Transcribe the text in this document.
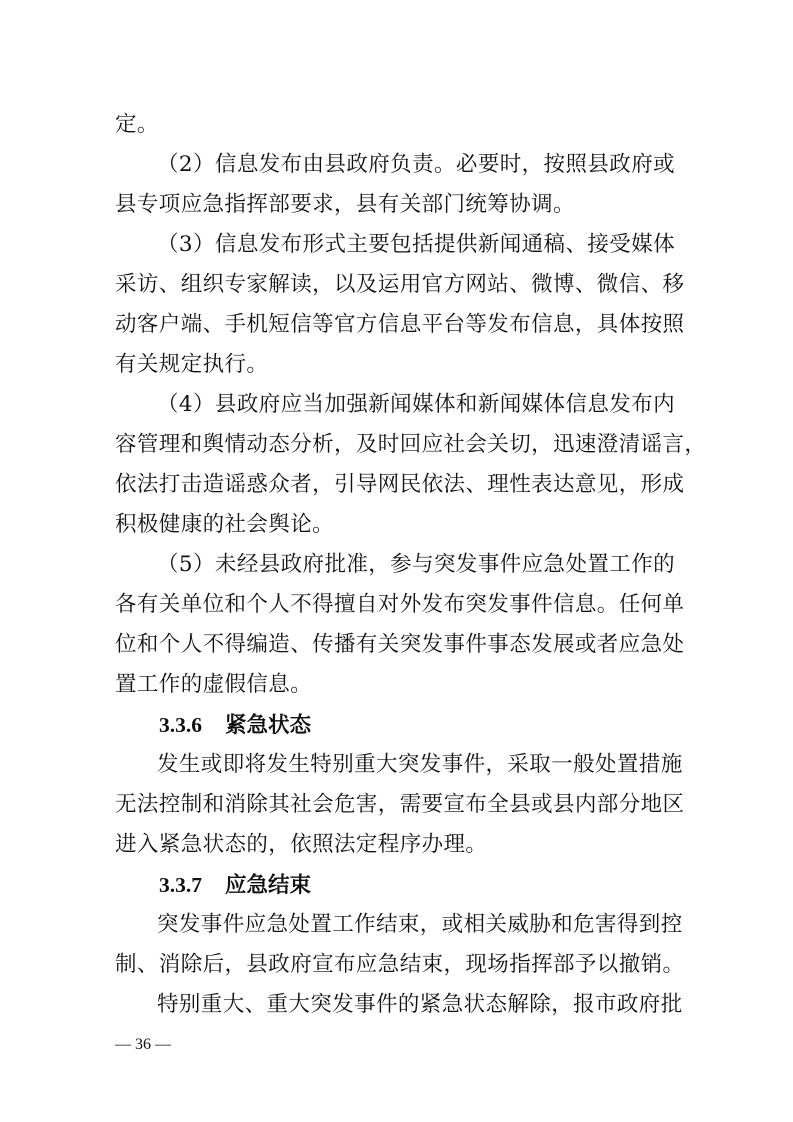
定。
（2）信息发布由县政府负责。必要时，按照县政府或
县专项应急指挥部要求，县有关部门统筹协调。
（3）信息发布形式主要包括提供新闻通稿、接受媒体
采访、组织专家解读，以及运用官方网站、微博、微信、移
动客户端、手机短信等官方信息平台等发布信息，具体按照
有关规定执行。
（4）县政府应当加强新闻媒体和新闻媒体信息发布内
容管理和舆情动态分析，及时回应社会关切，迅速澄清谣言，
依法打击造谣惑众者，引导网民依法、理性表达意见，形成
积极健康的社会舆论。
（5）未经县政府批准，参与突发事件应急处置工作的
各有关单位和个人不得擅自对外发布突发事件信息。任何单
位和个人不得编造、传播有关突发事件事态发展或者应急处
置工作的虚假信息。
3.3.6 紧急状态
发生或即将发生特别重大突发事件，采取一般处置措施
无法控制和消除其社会危害，需要宣布全县或县内部分地区
进入紧急状态的，依照法定程序办理。
3.3.7 应急结束
突发事件应急处置工作结束，或相关威胁和危害得到控
制、消除后，县政府宣布应急结束，现场指挥部予以撤销。
特别重大、重大突发事件的紧急状态解除，报市政府批
— 36 —
